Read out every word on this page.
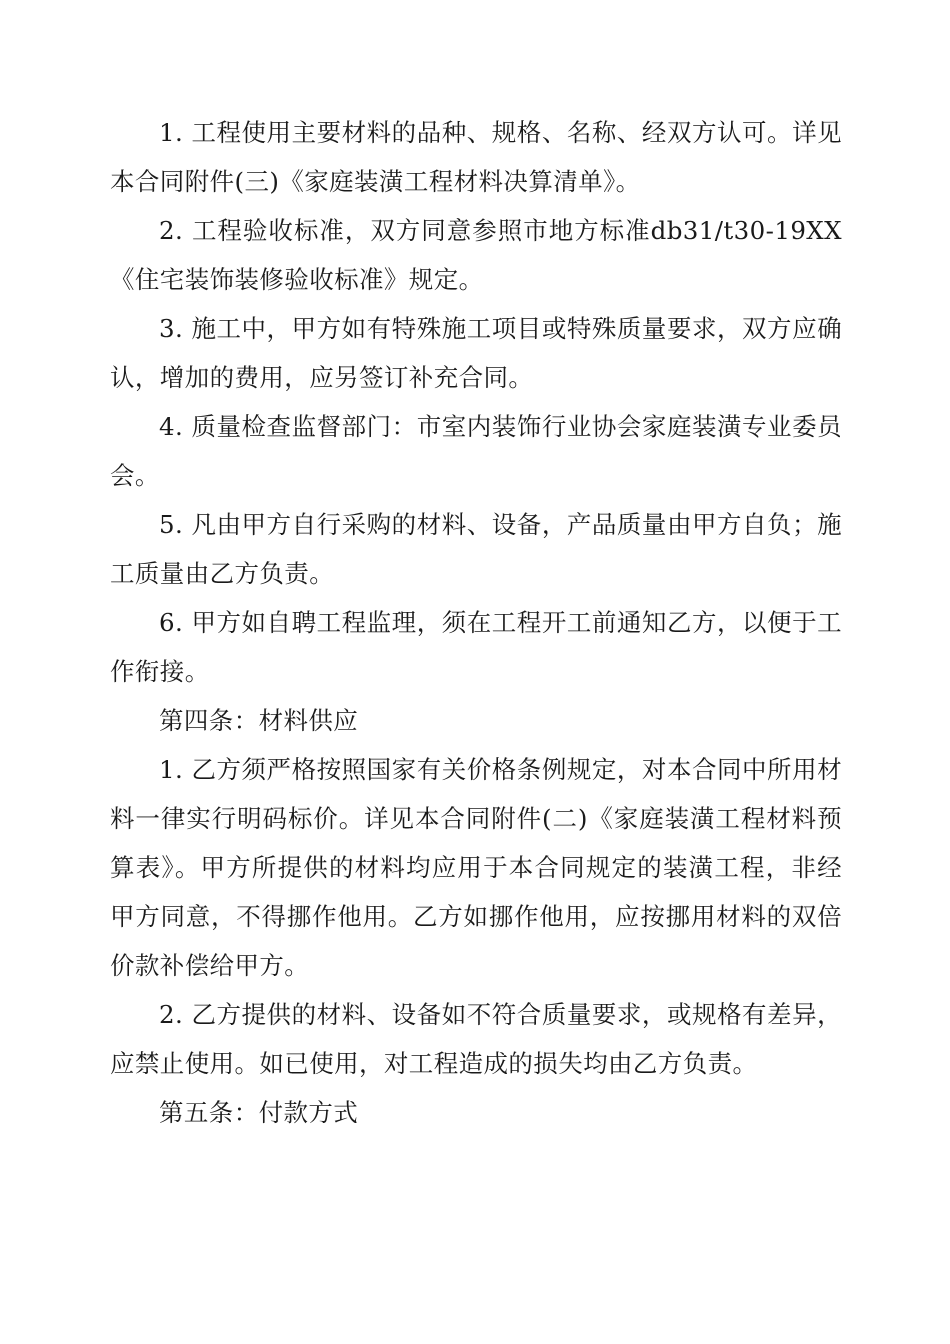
1. 工程使用主要材料的品种、规格、名称、经双方认可。详见本合同附件(三)《家庭装潢工程材料决算清单》。

2. 工程验收标准，双方同意参照市地方标准db31/t30-19XX《住宅装饰装修验收标准》规定。

3. 施工中，甲方如有特殊施工项目或特殊质量要求，双方应确认，增加的费用，应另签订补充合同。

4. 质量检查监督部门：市室内装饰行业协会家庭装潢专业委员会。

5. 凡由甲方自行采购的材料、设备，产品质量由甲方自负；施工质量由乙方负责。

6. 甲方如自聘工程监理，须在工程开工前通知乙方，以便于工作衔接。

第四条：材料供应

1. 乙方须严格按照国家有关价格条例规定，对本合同中所用材料一律实行明码标价。详见本合同附件(二)《家庭装潢工程材料预算表》。甲方所提供的材料均应用于本合同规定的装潢工程，非经甲方同意，不得挪作他用。乙方如挪作他用，应按挪用材料的双倍价款补偿给甲方。

2. 乙方提供的材料、设备如不符合质量要求，或规格有差异，应禁止使用。如已使用，对工程造成的损失均由乙方负责。

第五条：付款方式
